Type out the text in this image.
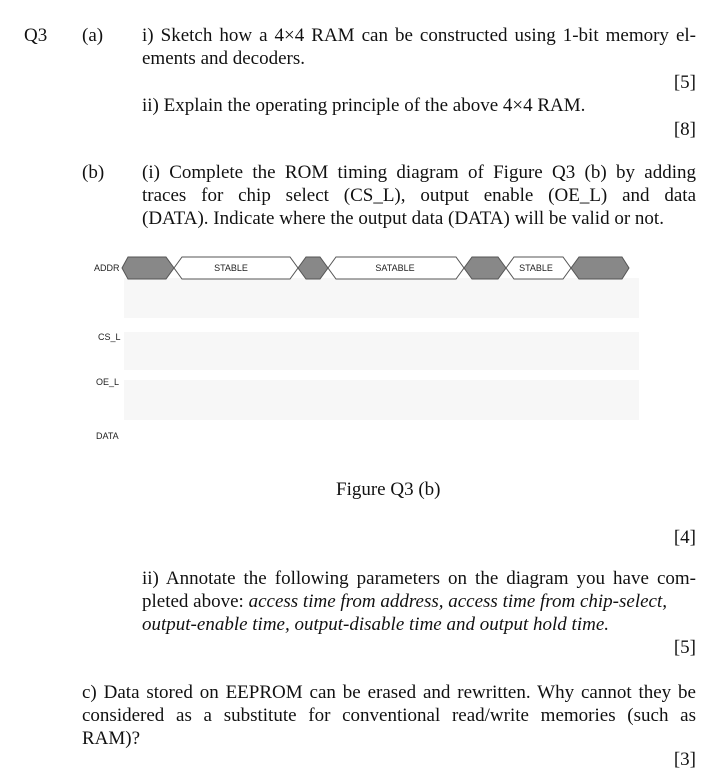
Q3 (a) i) Sketch how a 4×4 RAM can be constructed using 1-bit memory el-
ements and decoders.
[5]
ii) Explain the operating principle of the above 4×4 RAM.
[8]
(b) (i) Complete the ROM timing diagram of Figure Q3 (b) by adding
traces for chip select (CS_L), output enable (OE_L) and data
(DATA). Indicate where the output data (DATA) will be valid or not.
ADDR
CS_L
OE_L
DATA
STABLE	SATABLE	STABLE
Figure Q3 (b)
[4]
ii) Annotate the following parameters on the diagram you have com-
pleted above: access time from address, access time from chip-select,
output-enable time, output-disable time and output hold time.
[5]
c) Data stored on EEPROM can be erased and rewritten. Why cannot they be
considered as a substitute for conventional read/write memories (such as
RAM)?
[3]
